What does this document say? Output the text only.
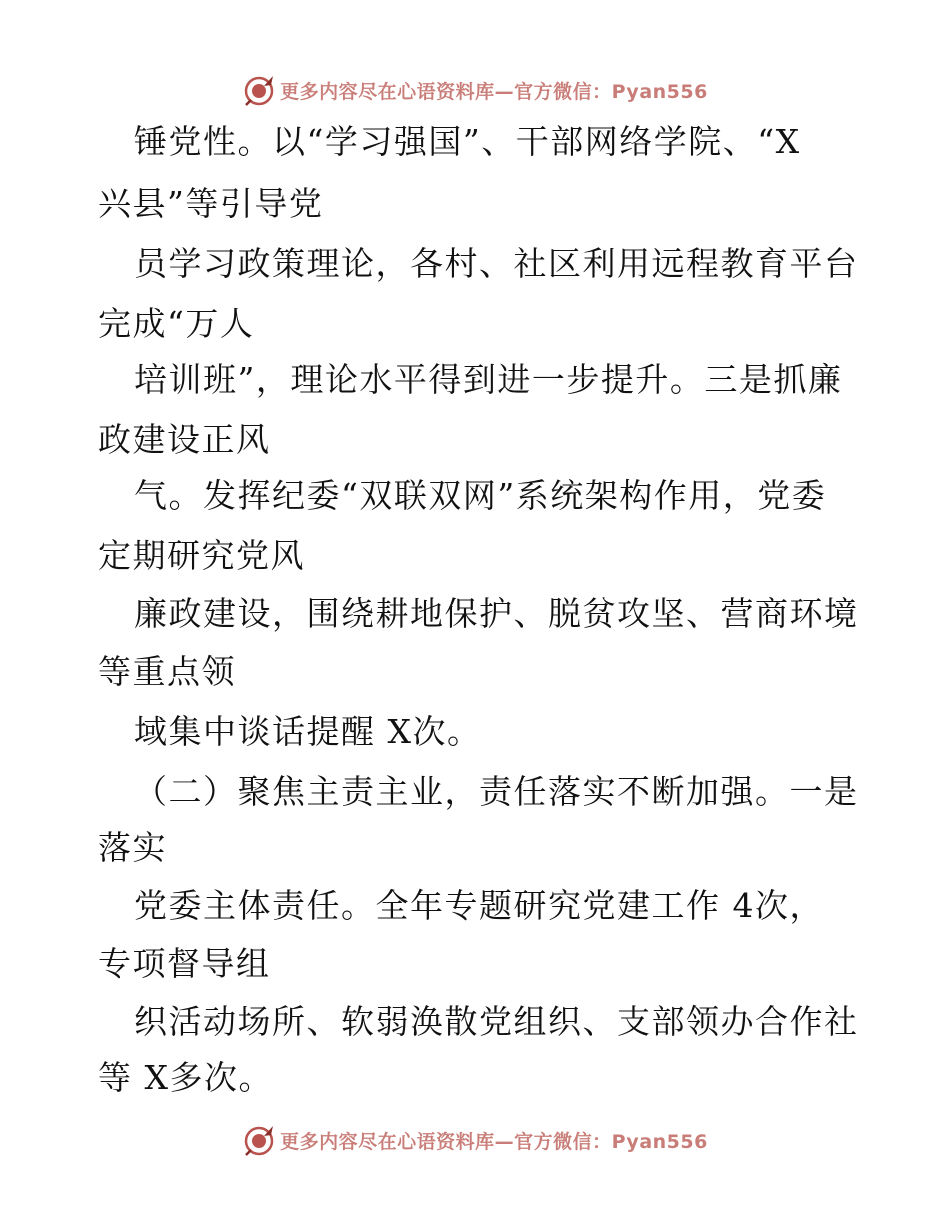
更多内容尽在心语资料库—官方微信：Pyan556
锤党性。以“学习强国”、干部网络学院、“X
兴县”等引导党
员学习政策理论，各村、社区利用远程教育平台
完成“万人
培训班”，理论水平得到进一步提升。三是抓廉
政建设正风
气。发挥纪委“双联双网”系统架构作用，党委
定期研究党风
廉政建设，围绕耕地保护、脱贫攻坚、营商环境
等重点领
域集中谈话提醒 X次。
（二）聚焦主责主业，责任落实不断加强。一是
落实
党委主体责任。全年专题研究党建工作 4次，
专项督导组
织活动场所、软弱涣散党组织、支部领办合作社
等 X多次。
更多内容尽在心语资料库—官方微信：Pyan556
